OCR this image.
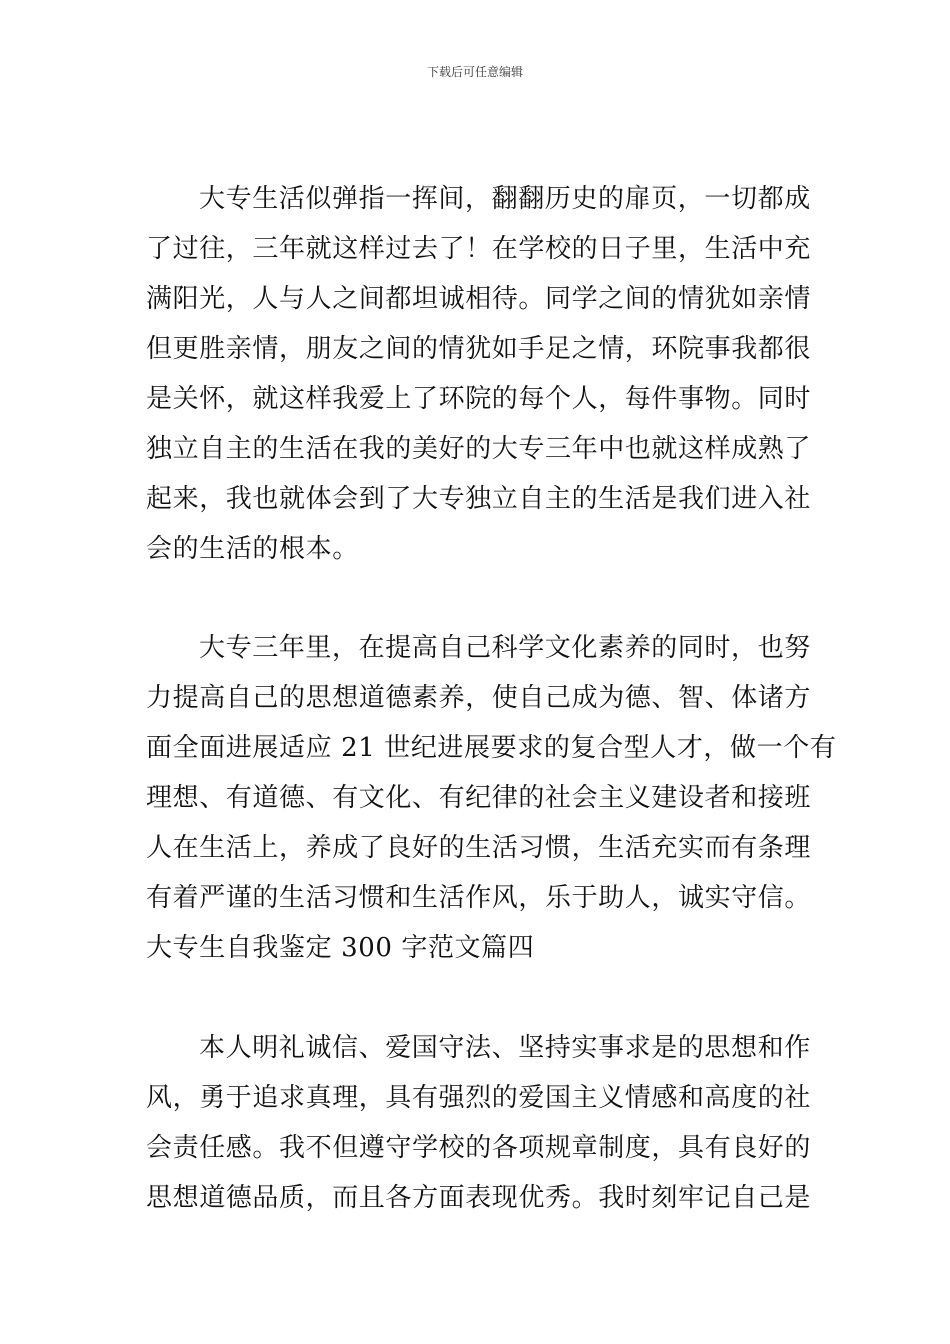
下载后可任意编辑
大专生活似弹指一挥间，翻翻历史的扉页，一切都成
了过往，三年就这样过去了！在学校的日子里，生活中充
满阳光，人与人之间都坦诚相待。同学之间的情犹如亲情
但更胜亲情，朋友之间的情犹如手足之情，环院事我都很
是关怀，就这样我爱上了环院的每个人，每件事物。同时
独立自主的生活在我的美好的大专三年中也就这样成熟了
起来，我也就体会到了大专独立自主的生活是我们进入社
会的生活的根本。
大专三年里，在提高自己科学文化素养的同时，也努
力提高自己的思想道德素养，使自己成为德、智、体诸方
面全面进展适应 21 世纪进展要求的复合型人才，做一个有
理想、有道德、有文化、有纪律的社会主义建设者和接班
人在生活上，养成了良好的生活习惯，生活充实而有条理
有着严谨的生活习惯和生活作风，乐于助人，诚实守信。
大专生自我鉴定 300 字范文篇四
本人明礼诚信、爱国守法、坚持实事求是的思想和作
风，勇于追求真理，具有强烈的爱国主义情感和高度的社
会责任感。我不但遵守学校的各项规章制度，具有良好的
思想道德品质，而且各方面表现优秀。我时刻牢记自己是
